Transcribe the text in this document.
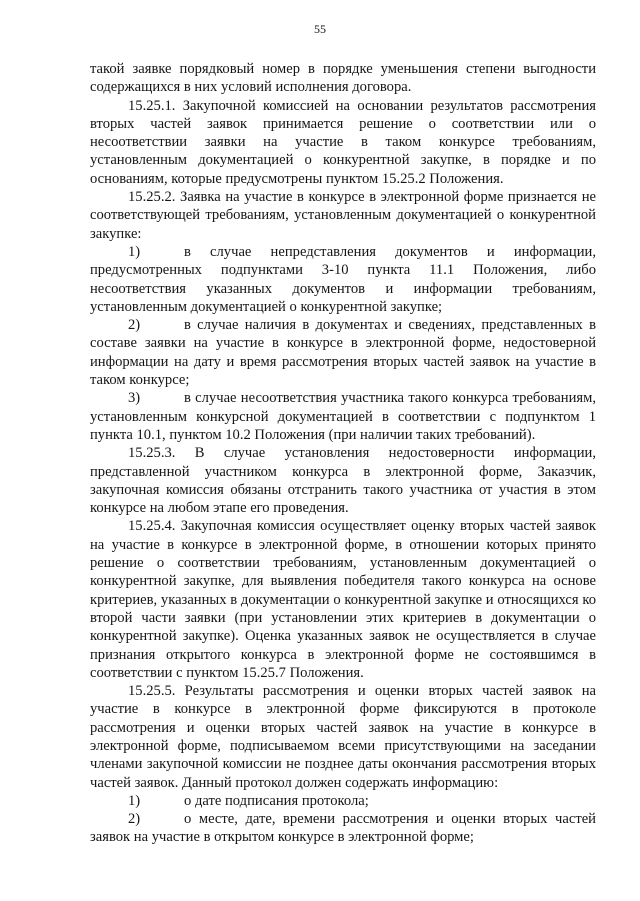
55

такой заявке порядковый номер в порядке уменьшения степени выгодности содержащихся в них условий исполнения договора.

15.25.1. Закупочной комиссией на основании результатов рассмотрения вторых частей заявок принимается решение о соответствии или о несоответствии заявки на участие в таком конкурсе требованиям, установленным документацией о конкурентной закупке, в порядке и по основаниям, которые предусмотрены пунктом 15.25.2 Положения.

15.25.2. Заявка на участие в конкурсе в электронной форме признается не соответствующей требованиям, установленным документацией о конкурентной закупке:

1)	в случае непредставления документов и информации, предусмотренных подпунктами 3-10 пункта 11.1 Положения, либо несоответствия указанных документов и информации требованиям, установленным документацией о конкурентной закупке;

2)	в случае наличия в документах и сведениях, представленных в составе заявки на участие в конкурсе в электронной форме, недостоверной информации на дату и время рассмотрения вторых частей заявок на участие в таком конкурсе;

3)	в случае несоответствия участника такого конкурса требованиям, установленным конкурсной документацией в соответствии с подпунктом 1 пункта 10.1, пунктом 10.2 Положения (при наличии таких требований).

15.25.3. В случае установления недостоверности информации, представленной участником конкурса в электронной форме, Заказчик, закупочная комиссия обязаны отстранить такого участника от участия в этом конкурсе на любом этапе его проведения.

15.25.4. Закупочная комиссия осуществляет оценку вторых частей заявок на участие в конкурсе в электронной форме, в отношении которых принято решение о соответствии требованиям, установленным документацией о конкурентной закупке, для выявления победителя такого конкурса на основе критериев, указанных в документации о конкурентной закупке и относящихся ко второй части заявки (при установлении этих критериев в документации о конкурентной закупке). Оценка указанных заявок не осуществляется в случае признания открытого конкурса в электронной форме не состоявшимся в соответствии с пунктом 15.25.7 Положения.

15.25.5. Результаты рассмотрения и оценки вторых частей заявок на участие в конкурсе в электронной форме фиксируются в протоколе рассмотрения и оценки вторых частей заявок на участие в конкурсе в электронной форме, подписываемом всеми присутствующими на заседании членами закупочной комиссии не позднее даты окончания рассмотрения вторых частей заявок. Данный протокол должен содержать информацию:

1)	о дате подписания протокола;

2)	о месте, дате, времени рассмотрения и оценки вторых частей заявок на участие в открытом конкурсе в электронной форме;
